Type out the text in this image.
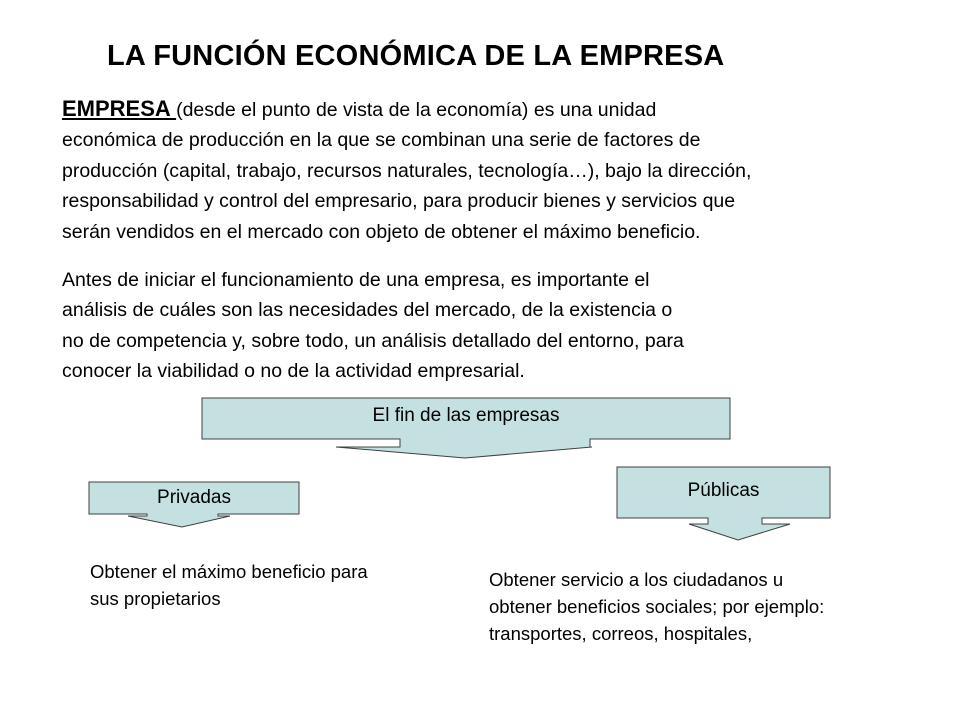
LA FUNCIÓN ECONÓMICA DE LA EMPRESA
EMPRESA (desde el punto de vista de la economía) es una unidad
económica de producción en la que se combinan una serie de factores de
producción (capital, trabajo, recursos naturales, tecnología…), bajo la dirección,
responsabilidad y control del empresario, para producir bienes y servicios que
serán vendidos en el mercado con objeto de obtener el máximo beneficio.
Antes de iniciar el funcionamiento de una empresa, es importante el
análisis de cuáles son las necesidades del mercado, de la existencia o
no de competencia y, sobre todo, un análisis detallado del entorno, para
conocer la viabilidad o no de la actividad empresarial.
El fin de las empresas
Privadas	Públicas
Obtener el máximo beneficio para
sus propietarios
Obtener servicio a los ciudadanos u
obtener beneficios sociales; por ejemplo:
transportes, correos, hospitales,
